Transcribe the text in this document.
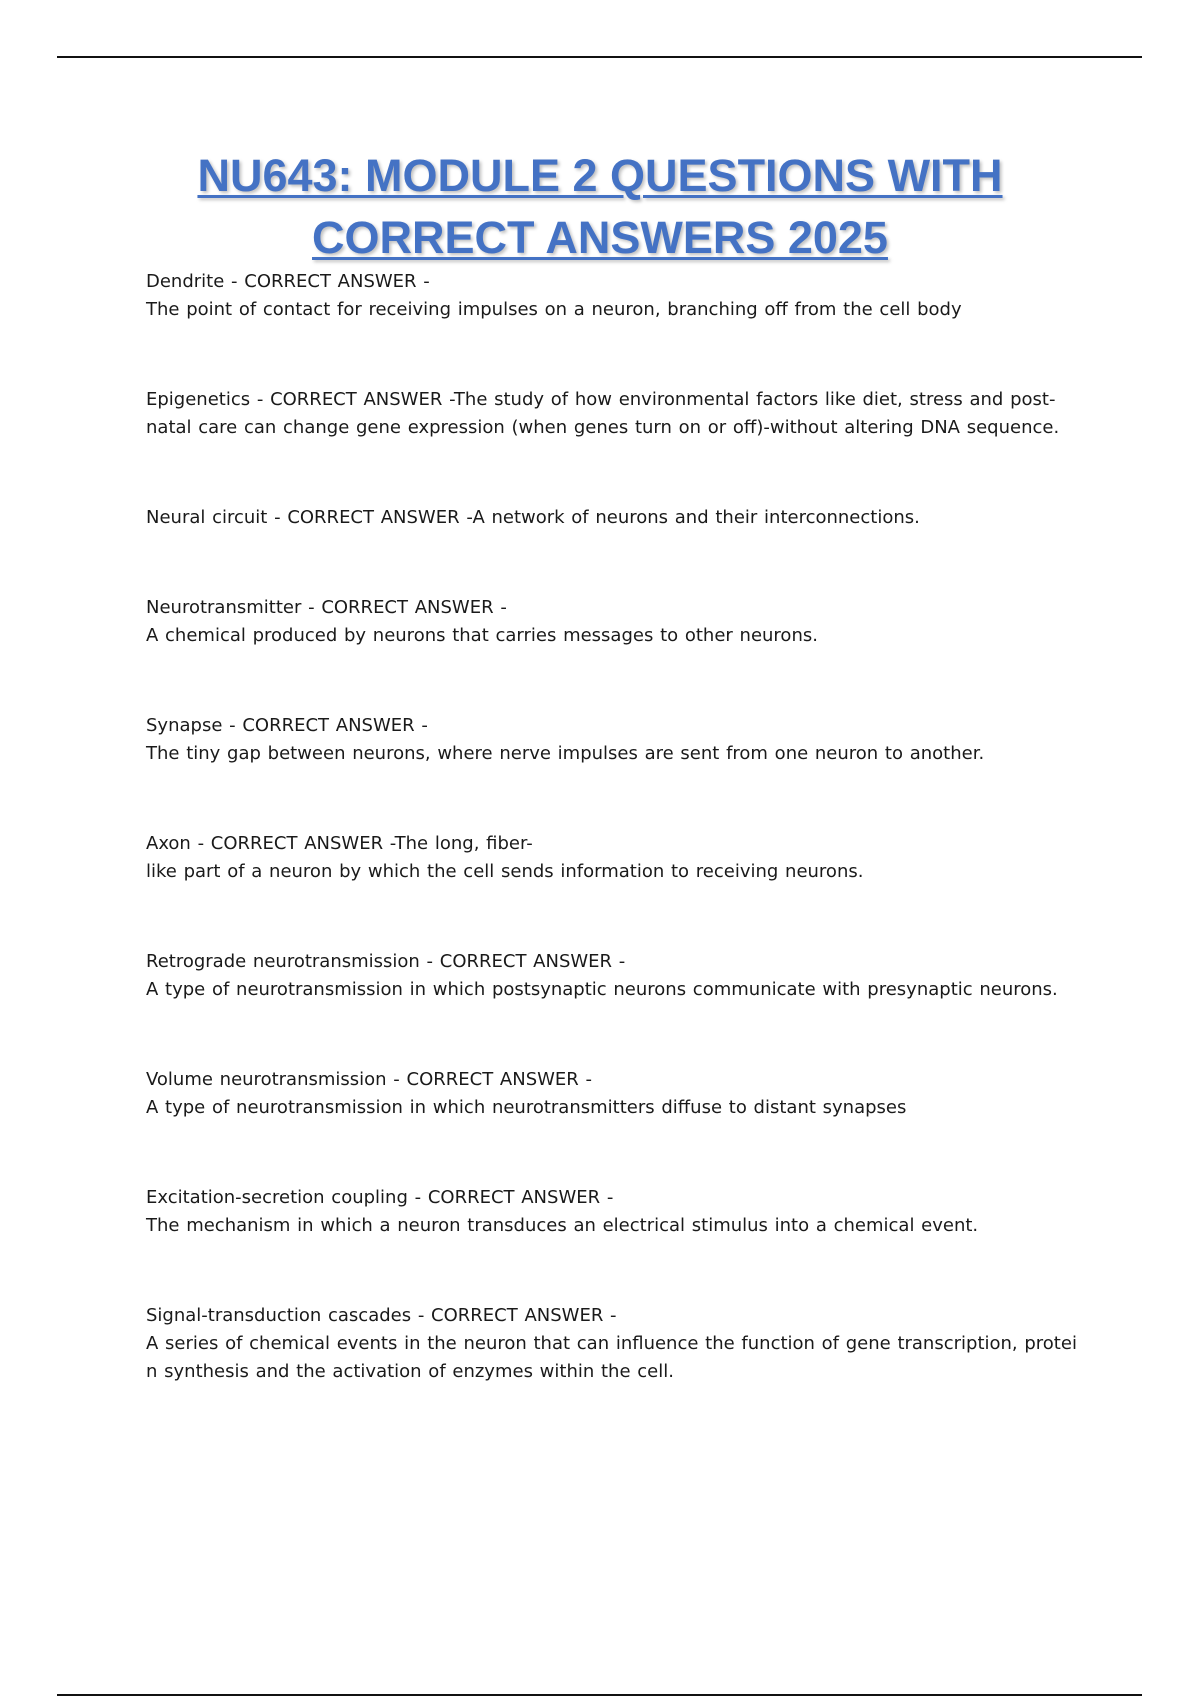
NU643: MODULE 2 QUESTIONS WITH
CORRECT ANSWERS 2025

Dendrite - CORRECT ANSWER -
The point of contact for receiving impulses on a neuron, branching off from the cell body

Epigenetics - CORRECT ANSWER -The study of how environmental factors like diet, stress and post-natal care can change gene expression (when genes turn on or off)-without altering DNA sequence.

Neural circuit - CORRECT ANSWER -A network of neurons and their interconnections.

Neurotransmitter - CORRECT ANSWER -
A chemical produced by neurons that carries messages to other neurons.

Synapse - CORRECT ANSWER -
The tiny gap between neurons, where nerve impulses are sent from one neuron to another.

Axon - CORRECT ANSWER -The long, fiber-
like part of a neuron by which the cell sends information to receiving neurons.

Retrograde neurotransmission - CORRECT ANSWER -
A type of neurotransmission in which postsynaptic neurons communicate with presynaptic neurons.

Volume neurotransmission - CORRECT ANSWER -
A type of neurotransmission in which neurotransmitters diffuse to distant synapses

Excitation-secretion coupling - CORRECT ANSWER -
The mechanism in which a neuron transduces an electrical stimulus into a chemical event.

Signal-transduction cascades - CORRECT ANSWER -
A series of chemical events in the neuron that can influence the function of gene transcription, protei
n synthesis and the activation of enzymes within the cell.
